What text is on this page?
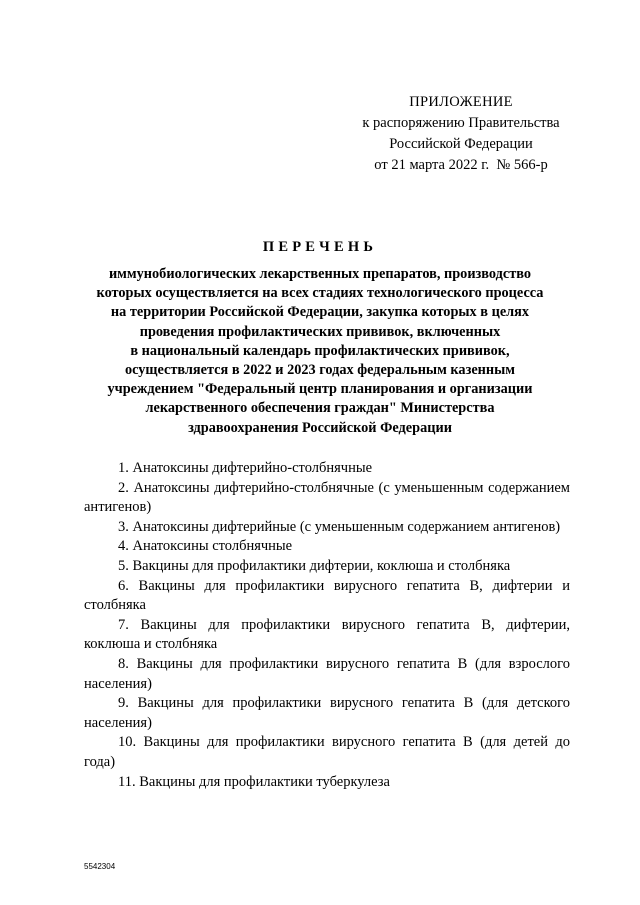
ПРИЛОЖЕНИЕ
к распоряжению Правительства
Российской Федерации
от 21 марта 2022 г.  № 566-р
ПЕРЕЧЕНЬ
иммунобиологических лекарственных препаратов, производство
которых осуществляется на всех стадиях технологического процесса
на территории Российской Федерации, закупка которых в целях
проведения профилактических прививок, включенных
в национальный календарь профилактических прививок,
осуществляется в 2022 и 2023 годах федеральным казенным
учреждением "Федеральный центр планирования и организации
лекарственного обеспечения граждан" Министерства
здравоохранения Российской Федерации

1. Анатоксины дифтерийно-столбнячные

2. Анатоксины дифтерийно-столбнячные (с уменьшенным содержанием антигенов)

3. Анатоксины дифтерийные (с уменьшенным содержанием антигенов)

4. Анатоксины столбнячные

5. Вакцины для профилактики дифтерии, коклюша и столбняка

6. Вакцины для профилактики вирусного гепатита В, дифтерии и столбняка

7. Вакцины для профилактики вирусного гепатита В, дифтерии, коклюша и столбняка

8. Вакцины для профилактики вирусного гепатита В (для взрослого населения)

9. Вакцины для профилактики вирусного гепатита В (для детского населения)

10. Вакцины для профилактики вирусного гепатита В (для детей до года)

11. Вакцины для профилактики туберкулеза

5542304
